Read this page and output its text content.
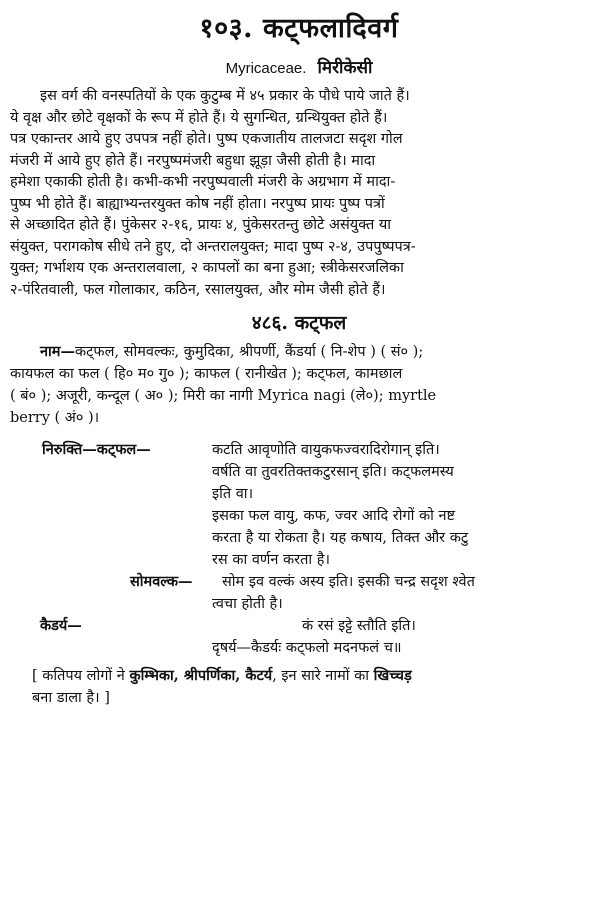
१०३. कट्फलादिवर्ग
Myricaceae. मिरीकेसी

इस वर्ग की वनस्पतियों के एक कुटुम्ब में ४५ प्रकार के पौधे पाये जाते हैं।

ये वृक्ष और छोटे वृक्षकों के रूप में होते हैं। ये सुगन्धित, ग्रन्थियुक्त होते हैं।

पत्र एकान्तर आये हुए उपपत्र नहीं होते। पुष्प एकजातीय तालजटा सदृश गोल

मंजरी में आये हुए होते हैं। नरपुष्पमंजरी बहुधा झूड़ा जैसी होती है। मादा

हमेशा एकाकी होती है। कभी-कभी नरपुष्पवाली मंजरी के अग्रभाग में मादा-

पुष्प भी होते हैं। बाह्याभ्यन्तरयुक्त कोष नहीं होता। नरपुष्प प्रायः पुष्प पत्रों

से अच्छादित होते हैं। पुंकेसर २-१६, प्रायः ४, पुंकेसरतन्तु छोटे असंयुक्त या

संयुक्त, परागकोष सीधे तने हुए, दो अन्तरालयुक्त; मादा पुष्प २-४, उपपुष्पपत्र-

युक्त; गर्भाशय एक अन्तरालवाला, २ कापलों का बना हुआ; स्त्रीकेसरजलिका

२-पंरितवाली, फल गोलाकार, कठिन, रसालयुक्त, और मोम जैसी होते हैं।

४८६. कट्फल

नाम—कट्फल, सोमवल्कः, कुमुदिका, श्रीपर्णी, कैंडर्या ( नि-शेप ) ( सं० );

कायफल का फल ( हि० म० गु० ); काफल ( रानीखेत ); कट्फल, कामछाल

( बं० ); अजूरी, कन्दूल ( अ० ); मिरी का नागी Myrica nagi (ले०); myrtle

berry ( अं० )।

निरुक्ति—कट्फल—	कटति आवृणोति वायुकफज्वरादिरोगान् इति।
वर्षति वा तुवरतिक्तकटुरसान् इति। कट्फलमस्य
इति वा।
इसका फल वायु, कफ, ज्वर आदि रोगों को नष्ट
करता है या रोकता है। यह कषाय, तिक्त और कटु
रस का वर्णन करता है।
सोमवल्क—	सोम इव वल्कं अस्य इति। इसकी चन्द्र सदृश श्वेत
त्वचा होती है।
कैडर्य—	कं रसं इट्टे स्तौति इति।
दृषर्य—कैडर्यः कट्फलो मदनफलं च॥
[ कतिपय लोगों ने कुम्भिका, श्रीपर्णिका, कैटर्य, इन सारे नामों का खिच्चड़
बना डाला है। ]
